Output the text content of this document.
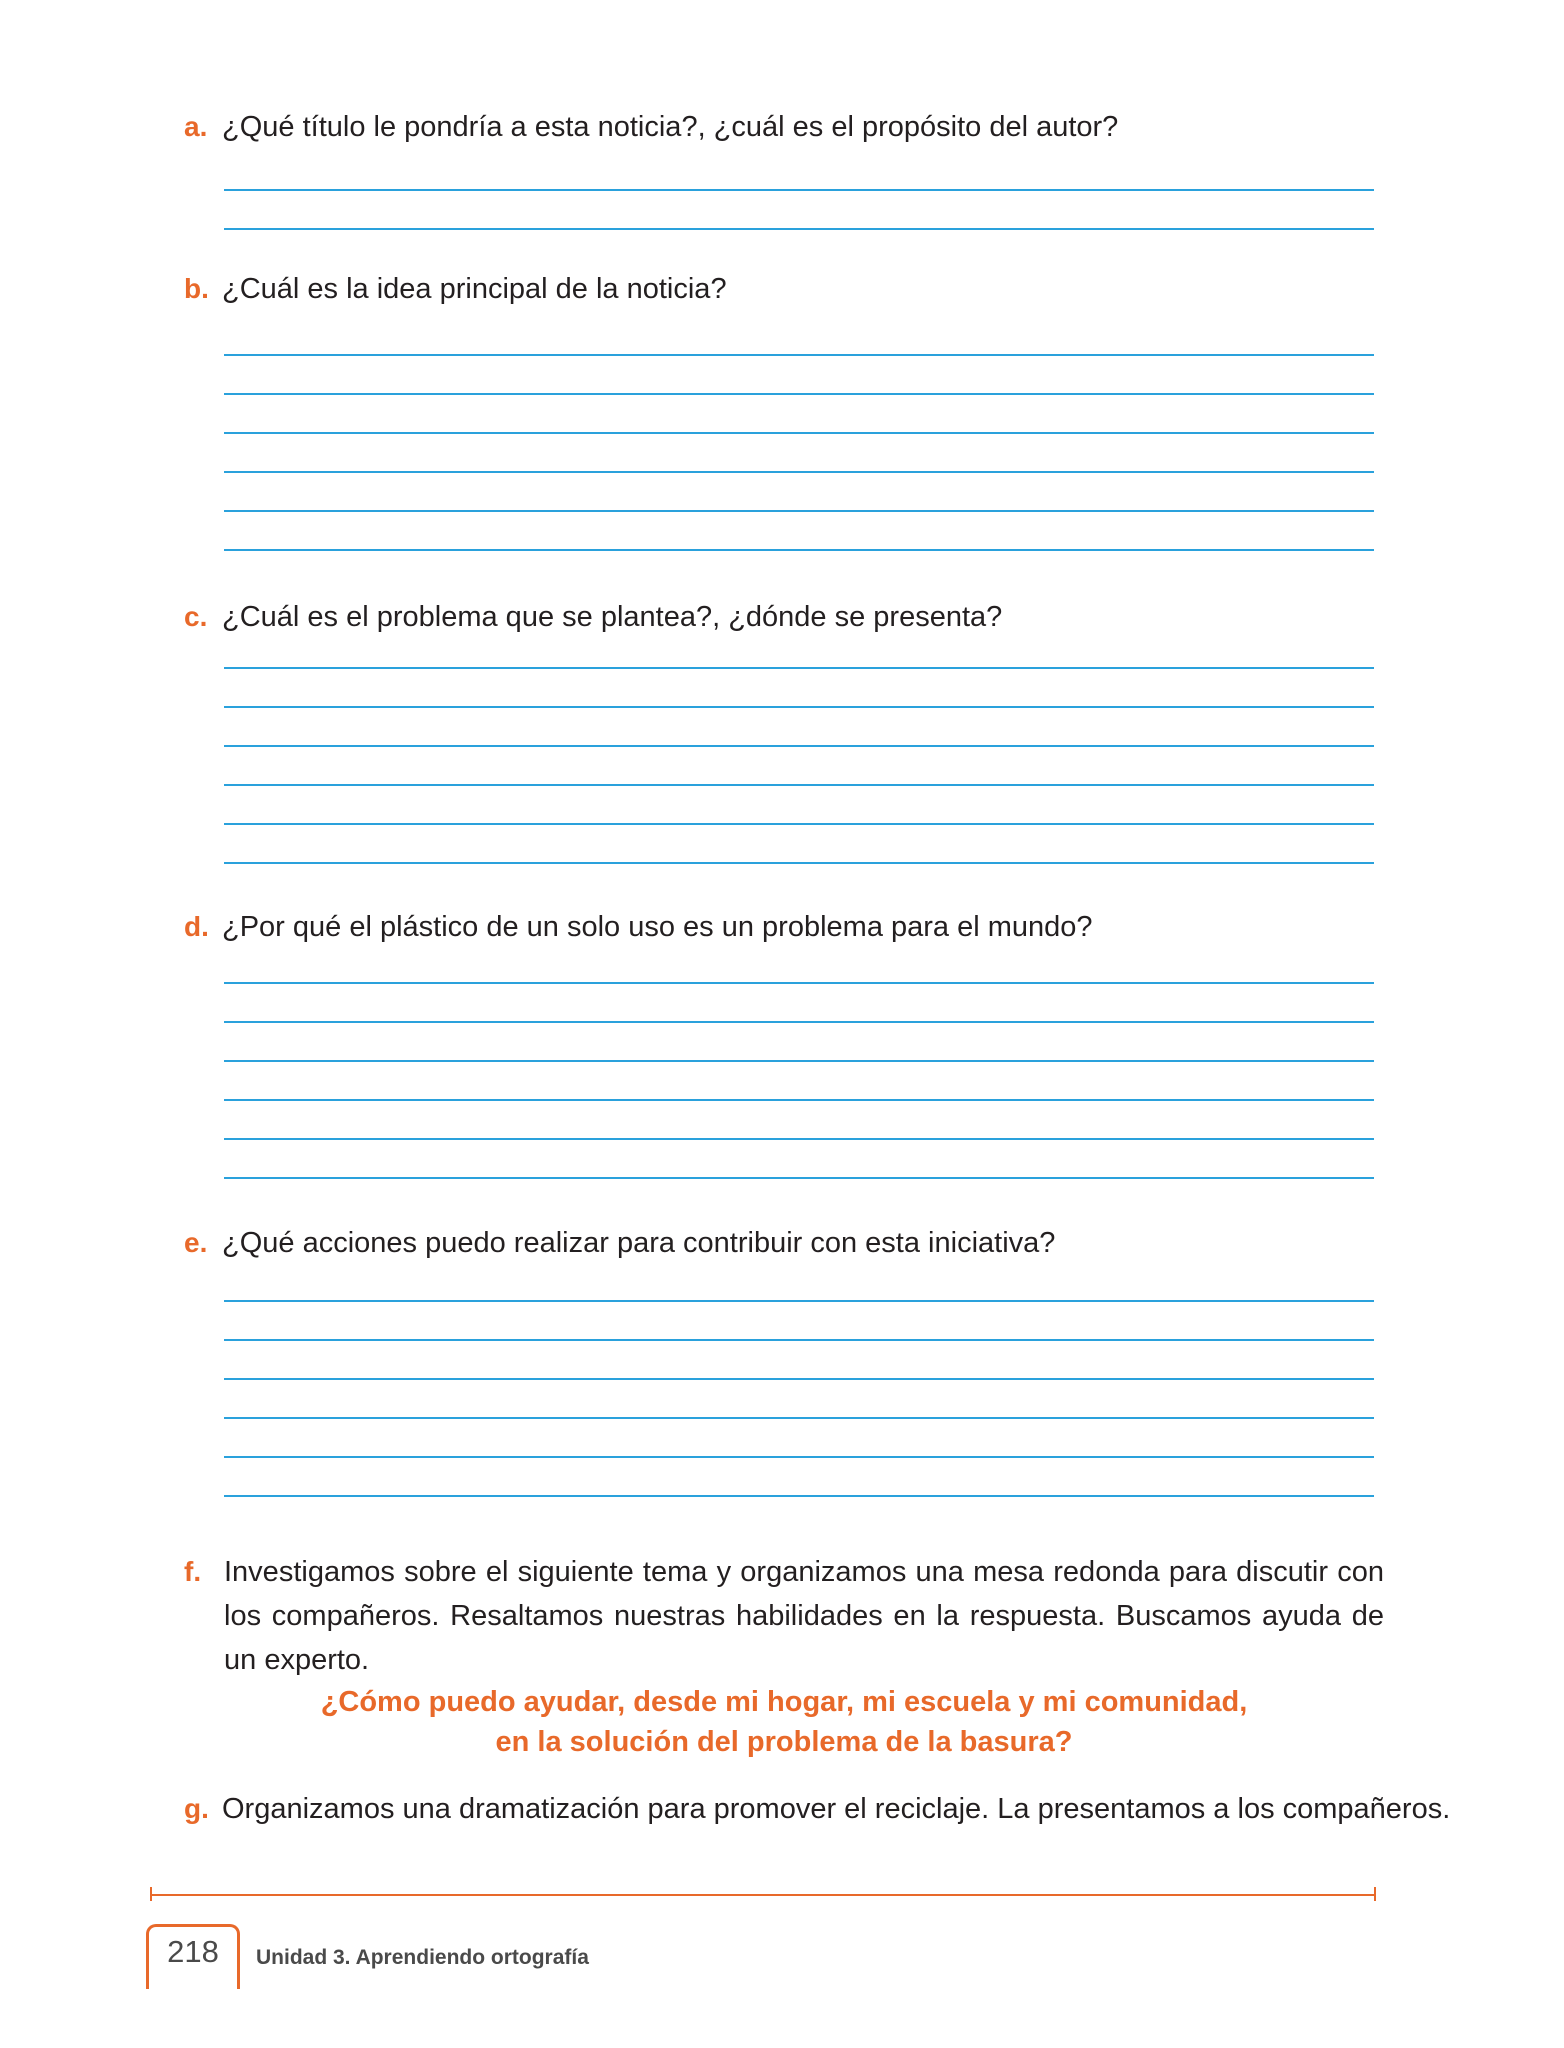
a. ¿Qué título le pondría a esta noticia?, ¿cuál es el propósito del autor?
b. ¿Cuál es la idea principal de la noticia?
c. ¿Cuál es el problema que se plantea?, ¿dónde se presenta?
d. ¿Por qué el plástico de un solo uso es un problema para el mundo?
e. ¿Qué acciones puedo realizar para contribuir con esta iniciativa?
f. Investigamos sobre el siguiente tema y organizamos una mesa redonda para discutir con los compañeros. Resaltamos nuestras habilidades en la respuesta. Buscamos ayuda de un experto.
¿Cómo puedo ayudar, desde mi hogar, mi escuela y mi comunidad,
en la solución del problema de la basura?
g. Organizamos una dramatización para promover el reciclaje. La presentamos a los compañeros.
218	Unidad 3. Aprendiendo ortografía
